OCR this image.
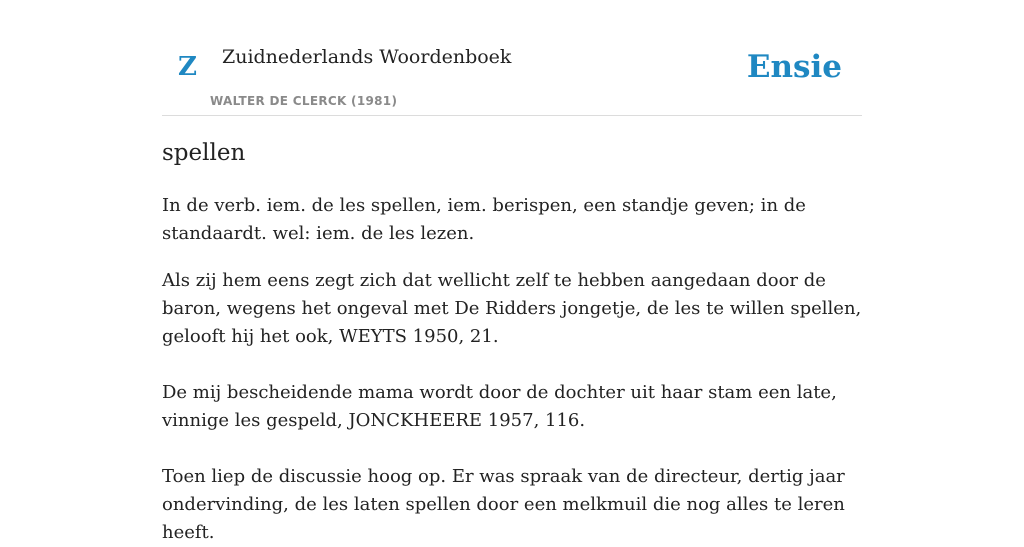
Z Zuidnederlands Woordenboek
WALTER DE CLERCK (1981)
Ensie
spellen
In de verb. iem. de les spellen, iem. berispen, een standje geven; in de standaardt. wel: iem. de les lezen.
Als zij hem eens zegt zich dat wellicht zelf te hebben aangedaan door de baron, wegens het ongeval met De Ridders jongetje, de les te willen spellen, gelooft hij het ook, WEYTS 1950, 21.
De mij bescheidende mama wordt door de dochter uit haar stam een late, vinnige les gespeld, JONCKHEERE 1957, 116.
Toen liep de discussie hoog op. Er was spraak van de directeur, dertig jaar ondervinding, de les laten spellen door een melkmuil die nog alles te leren heeft.
